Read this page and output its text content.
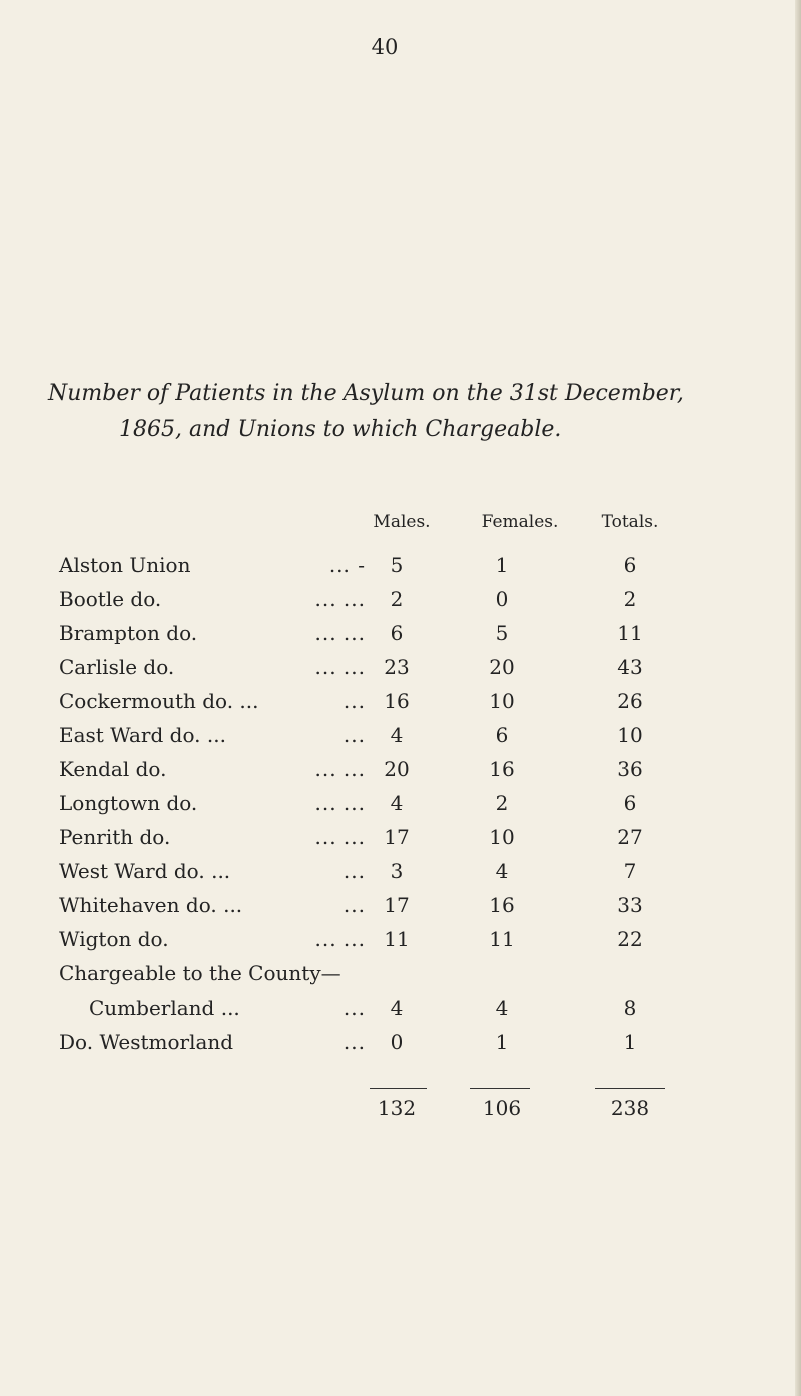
40
Number of Patients in the Asylum on the 31st December,
1865, and Unions to which Chargeable.
Males.	Females.	Totals.
Alston Union	... -	5	1	6
Bootle do.	... ...	2	0	2
Brampton do.	... ...	6	5	11
Carlisle do.	... ... 23	20	43
Cockermouth do. ...	... 16	10	26
East Ward do. ...	...	4	6	10
Kendal do.	... ... 20	16	36
Longtown do.	... ...	4	2	6
Penrith do.	... ... 17	10	27
West Ward do. ...	...	3	4	7
Whitehaven do. ...	... 17	16	33
Wigton do.	... ... 11	11	22
Chargeable to the County—
Cumberland ...	...	4	4	8
Do. Westmorland	...	0	1	1
132	106	238
